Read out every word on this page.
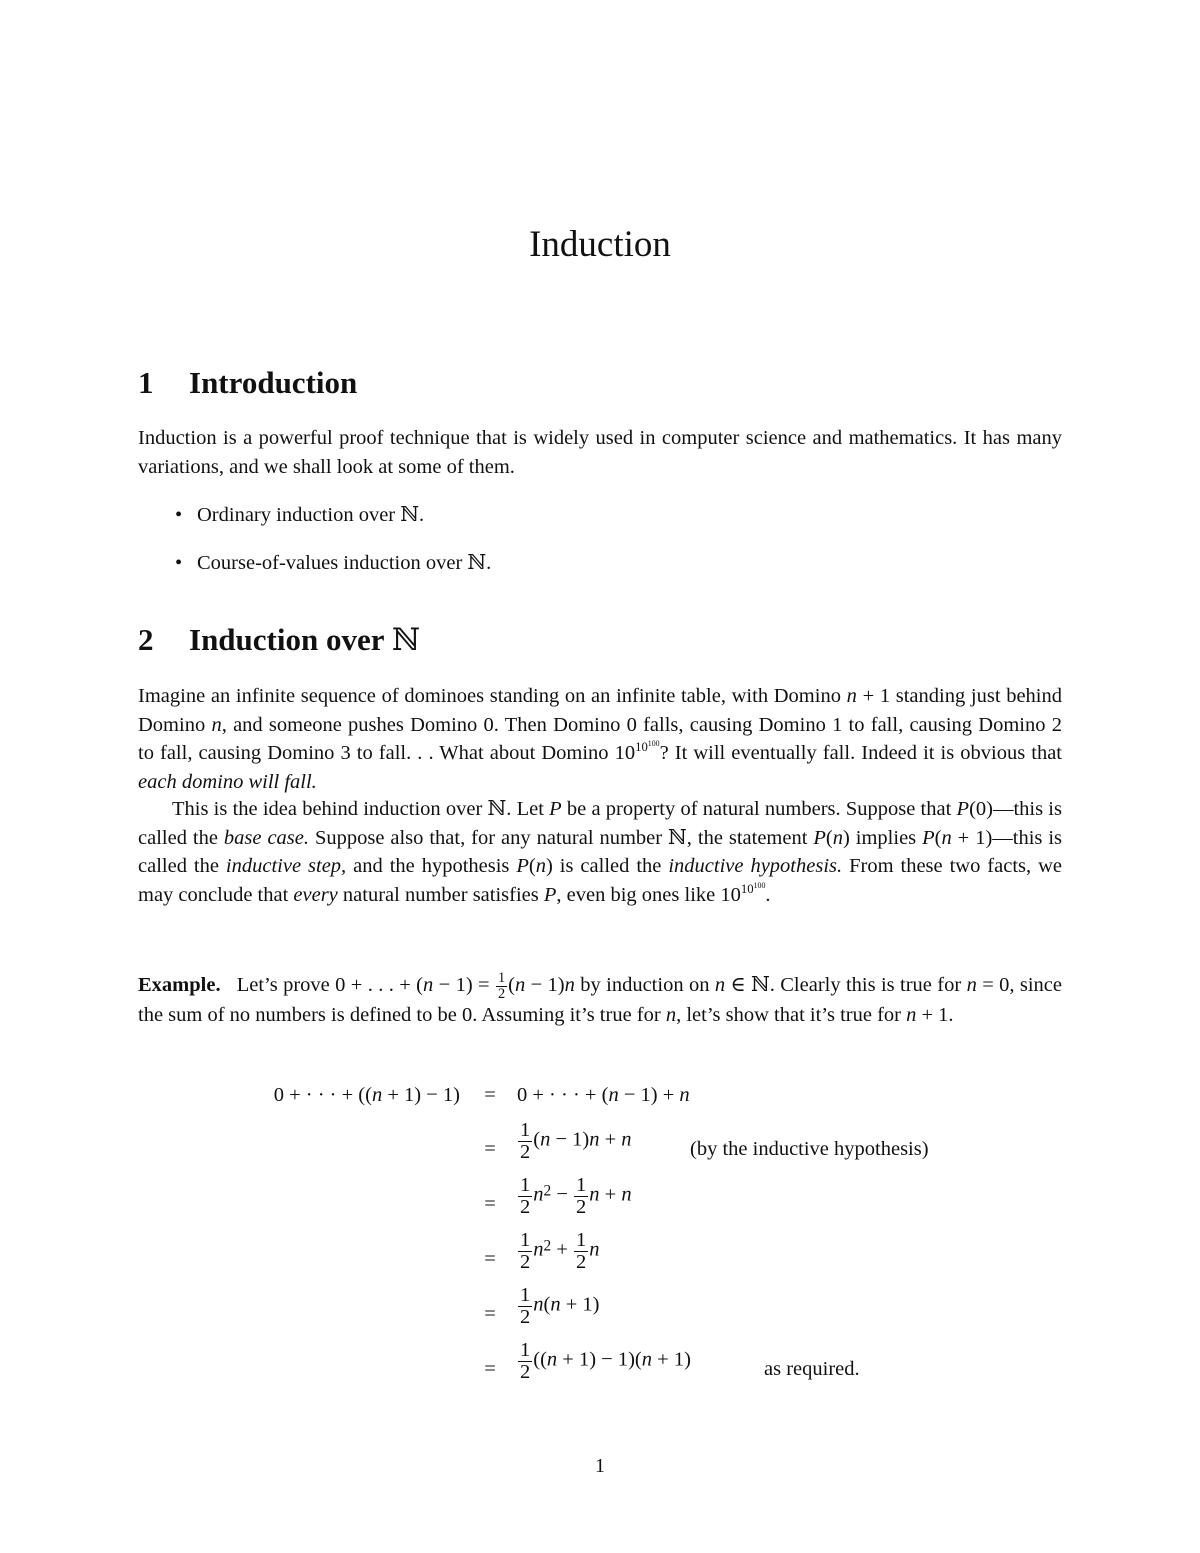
Induction
1 Introduction
Induction is a powerful proof technique that is widely used in computer science and mathematics. It has many variations, and we shall look at some of them.
• Ordinary induction over ℕ.
• Course-of-values induction over ℕ.
2 Induction over ℕ
Imagine an infinite sequence of dominoes standing on an infinite table, with Domino n + 1 standing just behind Domino n, and someone pushes Domino 0. Then Domino 0 falls, causing Domino 1 to fall, causing Domino 2 to fall, causing Domino 3 to fall. . . What about Domino $10^{10^{100}}$? It will eventually fall. Indeed it is obvious that each domino will fall.
This is the idea behind induction over ℕ. Let P be a property of natural numbers. Suppose that P(0)—this is called the base case. Suppose also that, for any natural number ℕ, the statement P(n) implies P(n + 1)—this is called the inductive step, and the hypothesis P(n) is called the inductive hypothesis. From these two facts, we may conclude that every natural number satisfies P, even big ones like $10^{10^{100}}$.
Example. Let’s prove 0 + . . . + $(n - 1) = \frac{1}{2} (n - 1)n$ by induction on n ∈ ℕ. Clearly this is true for n = 0, since the sum of no numbers is defined to be 0. Assuming it’s true for n, let’s show that it’s true for n + 1.
0 + · · · + ((n + 1) − 1) = 0 + · · · + (n − 1) + n
= $\frac{1}{2} (n - 1)n + n$	(by the inductive hypothesis)
= $\frac{1}{2} n^2 - \frac{1}{2}$ n + n
= $\frac{1}{2} n^2 + \frac{1}{2}$ n
= $\frac{1}{2} n(n + 1)$
= $\frac{1}{2} ((n + 1) - 1)(n + 1)$	as required.
1
